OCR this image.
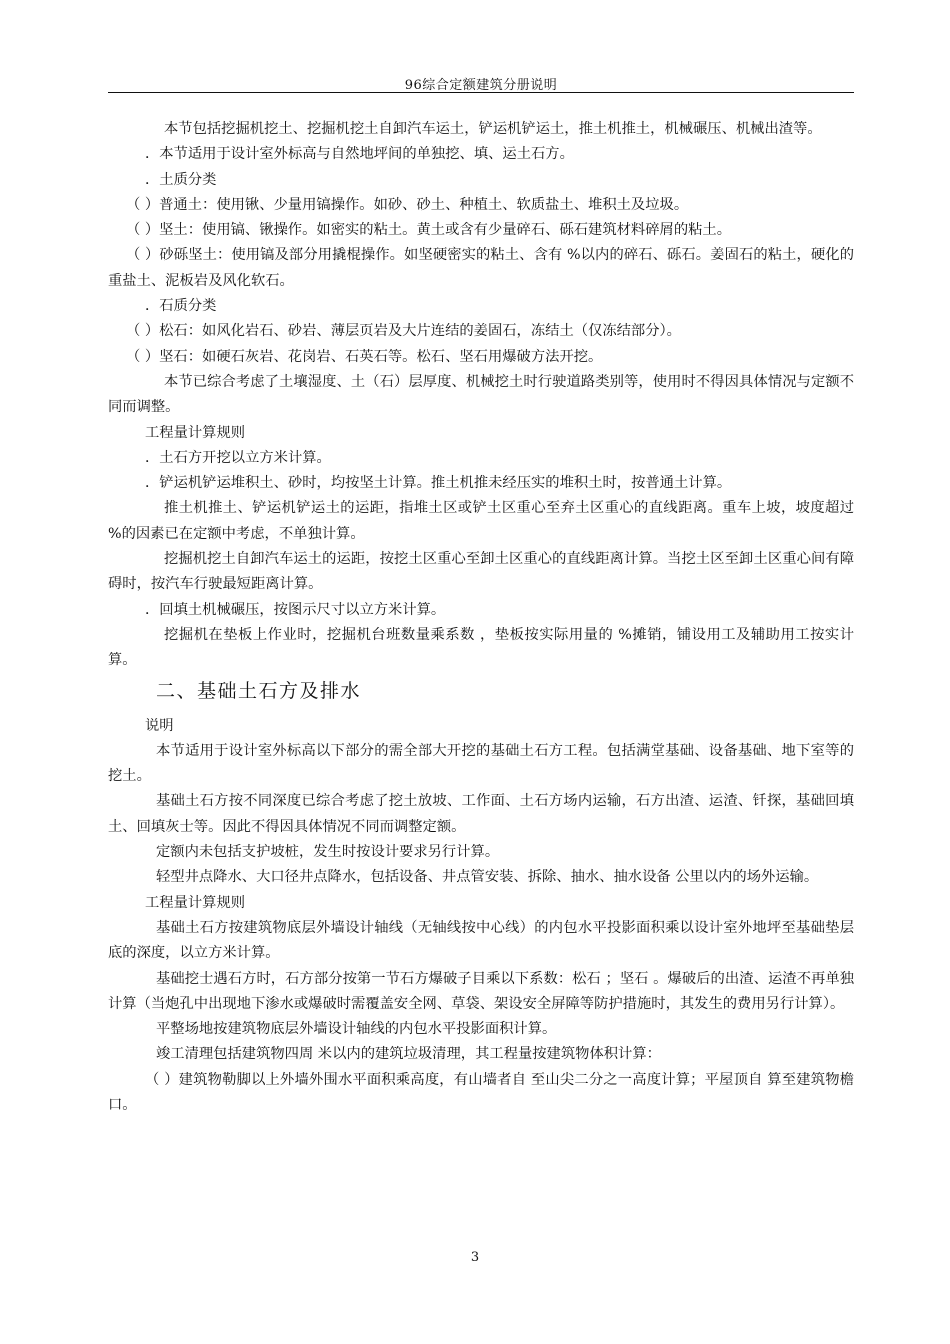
96综合定额建筑分册说明

本节包括挖掘机挖土、挖掘机挖土自卸汽车运土，铲运机铲运土，推土机推土，机械碾压、机械出渣等。

．本节适用于设计室外标高与自然地坪间的单独挖、填、运土石方。

．土质分类

（ ）普通土：使用锹、少量用镐操作。如砂、砂土、种植土、软质盐土、堆积土及垃圾。

（ ）坚土：使用镐、锹操作。如密实的粘土。黄土或含有少量碎石、砾石建筑材料碎屑的粘土。

（ ）砂砾坚土：使用镐及部分用撬棍操作。如坚硬密实的粘土、含有 %以内的碎石、砾石。姜固石的粘土，硬化的重盐土、泥板岩及风化软石。

．石质分类

（ ）松石：如风化岩石、砂岩、薄层页岩及大片连结的姜固石，冻结土（仅冻结部分）。

（ ）坚石：如硬石灰岩、花岗岩、石英石等。松石、坚石用爆破方法开挖。

本节已综合考虑了土壤湿度、土（石）层厚度、机械挖土时行驶道路类别等，使用时不得因具体情况与定额不同而调整。

工程量计算规则

．土石方开挖以立方米计算。

．铲运机铲运堆积土、砂时，均按坚土计算。推土机推未经压实的堆积土时，按普通土计算。

推土机推土、铲运机铲运土的运距，指堆土区或铲土区重心至弃土区重心的直线距离。重车上坡，坡度超过 %的因素已在定额中考虑，不单独计算。

挖掘机挖土自卸汽车运土的运距，按挖土区重心至卸土区重心的直线距离计算。当挖土区至卸土区重心间有障碍时，按汽车行驶最短距离计算。

．回填土机械碾压，按图示尺寸以立方米计算。

挖掘机在垫板上作业时，挖掘机台班数量乘系数 ，垫板按实际用量的 %摊销，铺设用工及辅助用工按实计算。

二、基础土石方及排水

说明

本节适用于设计室外标高以下部分的需全部大开挖的基础土石方工程。包括满堂基础、设备基础、地下室等的挖土。

基础土石方按不同深度已综合考虑了挖土放坡、工作面、土石方场内运输，石方出渣、运渣、钎探，基础回填土、回填灰士等。因此不得因具体情况不同而调整定额。

定额内未包括支护坡桩，发生时按设计要求另行计算。

轻型井点降水、大口径井点降水，包括设备、井点管安装、拆除、抽水、抽水设备 公里以内的场外运输。

工程量计算规则

基础土石方按建筑物底层外墙设计轴线（无轴线按中心线）的内包水平投影面积乘以设计室外地坪至基础垫层底的深度，以立方米计算。

基础挖士遇石方时，石方部分按第一节石方爆破子目乘以下系数：松石 ；坚石 。爆破后的出渣、运渣不再单独计算（当炮孔中出现地下渗水或爆破时需覆盖安全网、草袋、架设安全屏障等防护措施时，其发生的费用另行计算）。

平整场地按建筑物底层外墙设计轴线的内包水平投影面积计算。

竣工清理包括建筑物四周 米以内的建筑垃圾清理，其工程量按建筑物体积计算：

（ ）建筑物勒脚以上外墙外围水平面积乘高度，有山墙者自 至山尖二分之一高度计算；平屋顶自 算至建筑物檐口。

3
